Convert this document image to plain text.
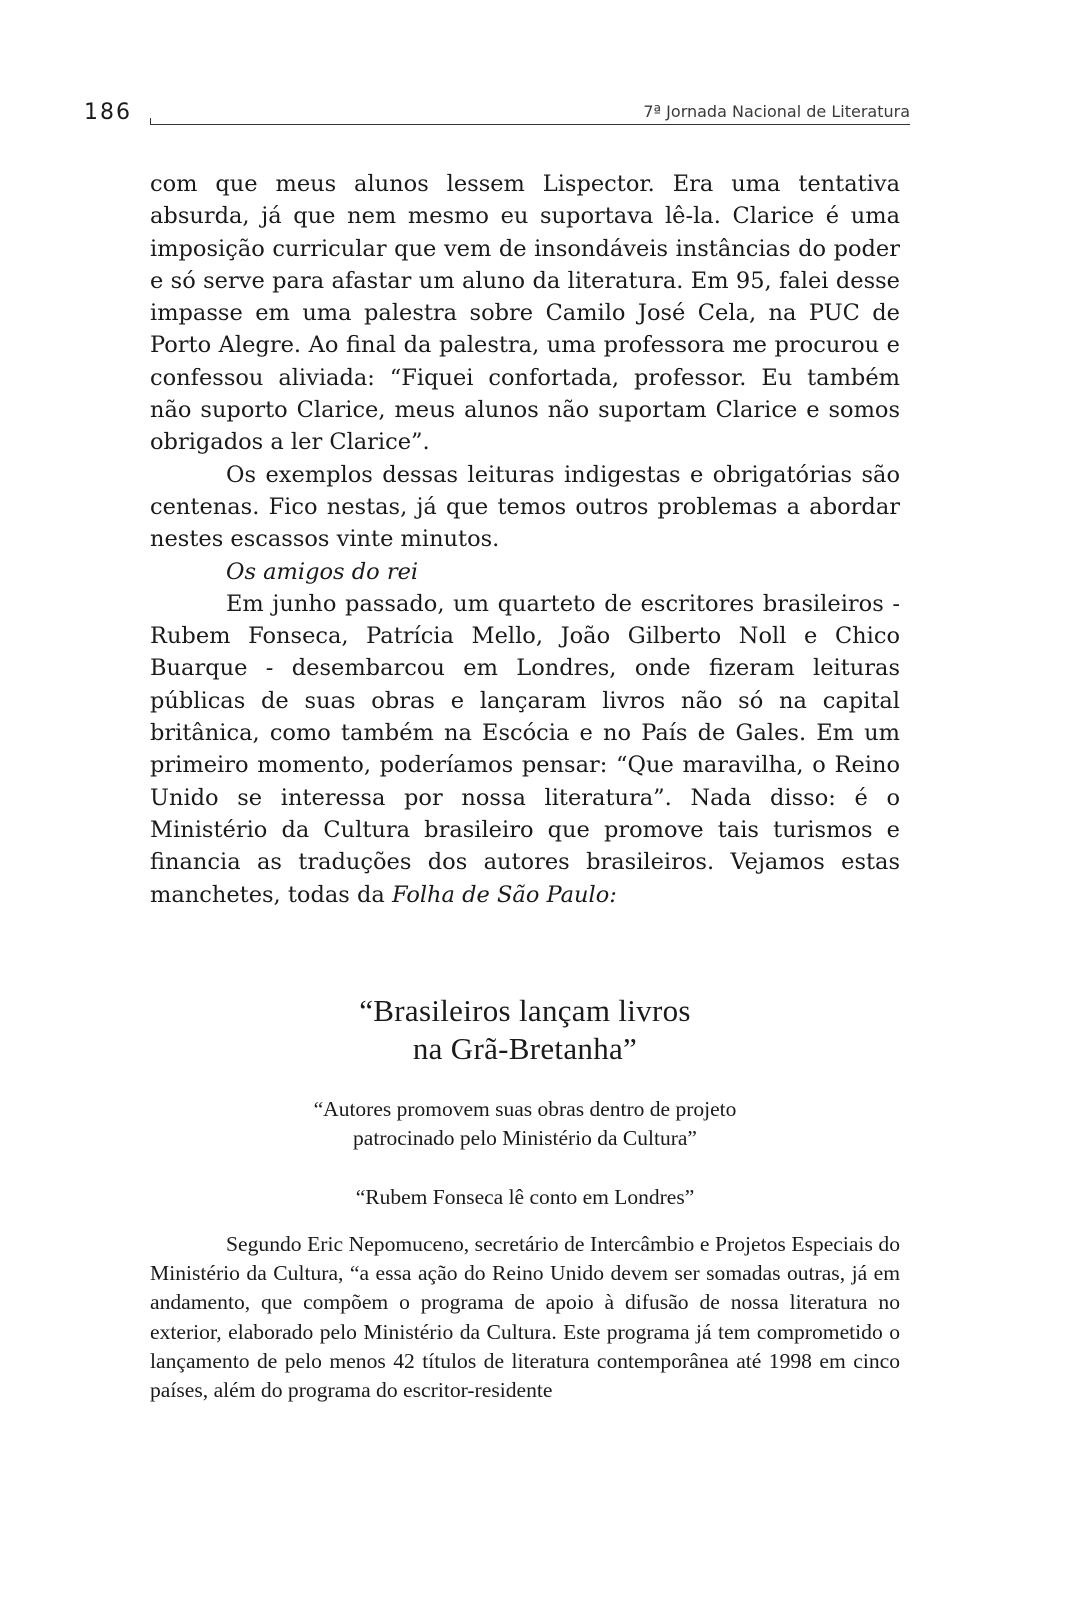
186	7ª Jornada Nacional de Literatura

com que meus alunos lessem Lispector. Era uma tentativa absurda, já que nem mesmo eu suportava lê-la. Clarice é uma imposição curricular que vem de insondáveis instâncias do poder e só serve para afastar um aluno da literatura. Em 95, falei desse impasse em uma palestra sobre Camilo José Cela, na PUC de Porto Alegre. Ao final da palestra, uma professora me procurou e confessou aliviada: “Fiquei confortada, professor. Eu também não suporto Clarice, meus alunos não suportam Clarice e somos obrigados a ler Clarice”.

Os exemplos dessas leituras indigestas e obrigatórias são centenas. Fico nestas, já que temos outros problemas a abordar nestes escassos vinte minutos.

Os amigos do rei

Em junho passado, um quarteto de escritores brasileiros - Rubem Fonseca, Patrícia Mello, João Gilberto Noll e Chico Buarque - desembarcou em Londres, onde fizeram leituras públicas de suas obras e lançaram livros não só na capital britânica, como também na Escócia e no País de Gales. Em um primeiro momento, poderíamos pensar: “Que maravilha, o Reino Unido se interessa por nossa literatura”. Nada disso: é o Ministério da Cultura brasileiro que promove tais turismos e financia as traduções dos autores brasileiros. Vejamos estas manchetes, todas da Folha de São Paulo:

“Brasileiros lançam livros

na Grã-Bretanha”

“Autores promovem suas obras dentro de projeto

patrocinado pelo Ministério da Cultura”

“Rubem Fonseca lê conto em Londres”

Segundo Eric Nepomuceno, secretário de Intercâmbio e Projetos Especiais do Ministério da Cultura, “a essa ação do Reino Unido devem ser somadas outras, já em andamento, que compõem o programa de apoio à difusão de nossa literatura no exterior, elaborado pelo Ministério da Cultura. Este programa já tem comprometido o lançamento de pelo menos 42 títulos de literatura contemporânea até 1998 em cinco países, além do programa do escritor-residente
